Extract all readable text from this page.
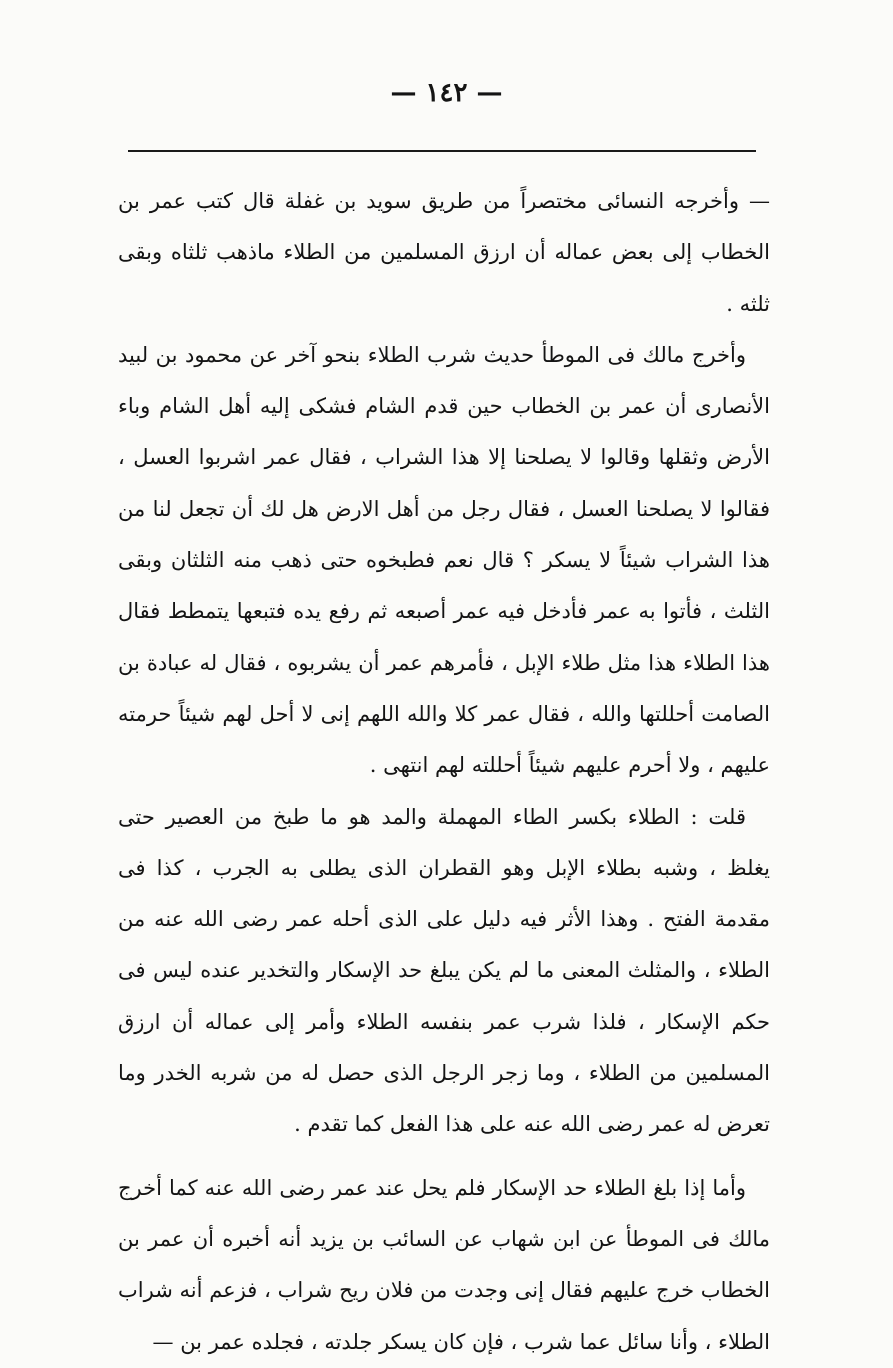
— ١٤٢ —

— وأخرجه النسائى مختصراً من طريق سويد بن غفلة قال كتب عمر بن الخطاب إلى بعض عماله أن ارزق المسلمين من الطلاء ماذهب ثلثاه وبقى ثلثه .

وأخرج مالك فى الموطأ حديث شرب الطلاء بنحو آخر عن محمود بن لبيد الأنصارى أن عمر بن الخطاب حين قدم الشام فشكى إليه أهل الشام وباء الأرض وثقلها وقالوا لا يصلحنا إلا هذا الشراب ، فقال عمر اشربوا العسل ، فقالوا لا يصلحنا العسل ، فقال رجل من أهل الارض هل لك أن تجعل لنا من هذا الشراب شيئاً لا يسكر ؟ قال نعم فطبخوه حتى ذهب منه الثلثان وبقى الثلث ، فأتوا به عمر فأدخل فيه عمر أصبعه ثم رفع يده فتبعها يتمطط فقال هذا الطلاء هذا مثل طلاء الإبل ، فأمرهم عمر أن يشربوه ، فقال له عبادة بن الصامت أحللتها والله ، فقال عمر كلا والله اللهم إنى لا أحل لهم شيئاً حرمته عليهم ، ولا أحرم عليهم شيئاً أحللته لهم انتهى .

قلت : الطلاء بكسر الطاء المهملة والمد هو ما طبخ من العصير حتى يغلظ ، وشبه بطلاء الإبل وهو القطران الذى يطلى به الجرب ، كذا فى مقدمة الفتح . وهذا الأثر فيه دليل على الذى أحله عمر رضى الله عنه من الطلاء ، والمثلث المعنى ما لم يكن يبلغ حد الإسكار والتخدير عنده ليس فى حكم الإسكار ، فلذا شرب عمر بنفسه الطلاء وأمر إلى عماله أن ارزق المسلمين من الطلاء ، وما زجر الرجل الذى حصل له من شربه الخدر وما تعرض له عمر رضى الله عنه على هذا الفعل كما تقدم .

وأما إذا بلغ الطلاء حد الإسكار فلم يحل عند عمر رضى الله عنه كما أخرج مالك فى الموطأ عن ابن شهاب عن السائب بن يزيد أنه أخبره أن عمر بن الخطاب خرج عليهم فقال إنى وجدت من فلان ريح شراب ، فزعم أنه شراب الطلاء ، وأنا سائل عما شرب ، فإن كان يسكر جلدته ، فجلده عمر بن —
